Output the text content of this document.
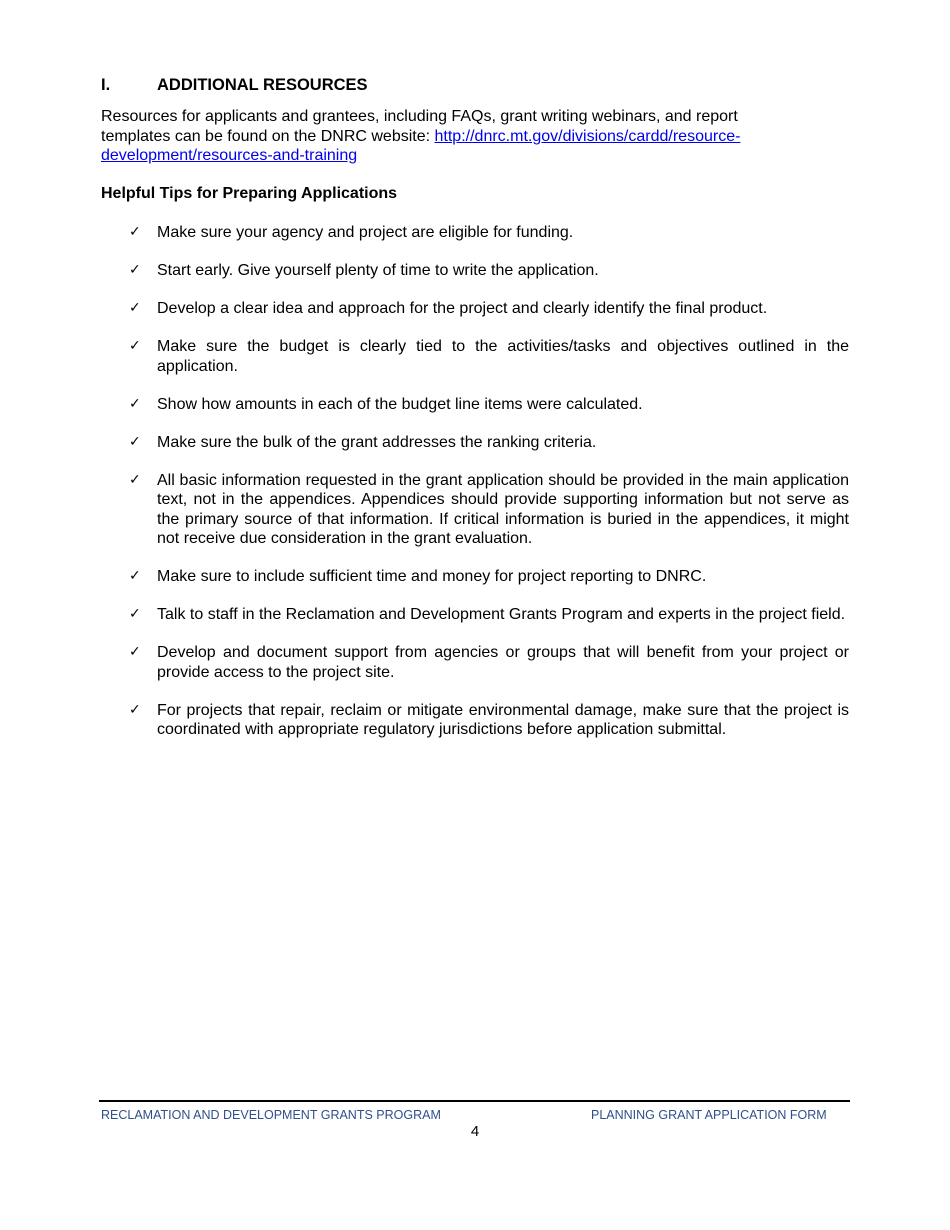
I.	ADDITIONAL RESOURCES
Resources for applicants and grantees, including FAQs, grant writing webinars, and report templates can be found on the DNRC website: http://dnrc.mt.gov/divisions/cardd/resource-development/resources-and-training
Helpful Tips for Preparing Applications
✓ Make sure your agency and project are eligible for funding.
✓ Start early. Give yourself plenty of time to write the application.
✓ Develop a clear idea and approach for the project and clearly identify the final product.
✓ Make sure the budget is clearly tied to the activities/tasks and objectives outlined in the application.
✓ Show how amounts in each of the budget line items were calculated.
✓ Make sure the bulk of the grant addresses the ranking criteria.
✓ All basic information requested in the grant application should be provided in the main application text, not in the appendices. Appendices should provide supporting information but not serve as the primary source of that information. If critical information is buried in the appendices, it might not receive due consideration in the grant evaluation.
✓ Make sure to include sufficient time and money for project reporting to DNRC.
✓ Talk to staff in the Reclamation and Development Grants Program and experts in the project field.
✓ Develop and document support from agencies or groups that will benefit from your project or provide access to the project site.
✓ For projects that repair, reclaim or mitigate environmental damage, make sure that the project is coordinated with appropriate regulatory jurisdictions before application submittal.
RECLAMATION AND DEVELOPMENT GRANTS PROGRAM	PLANNING GRANT APPLICATION FORM
4
